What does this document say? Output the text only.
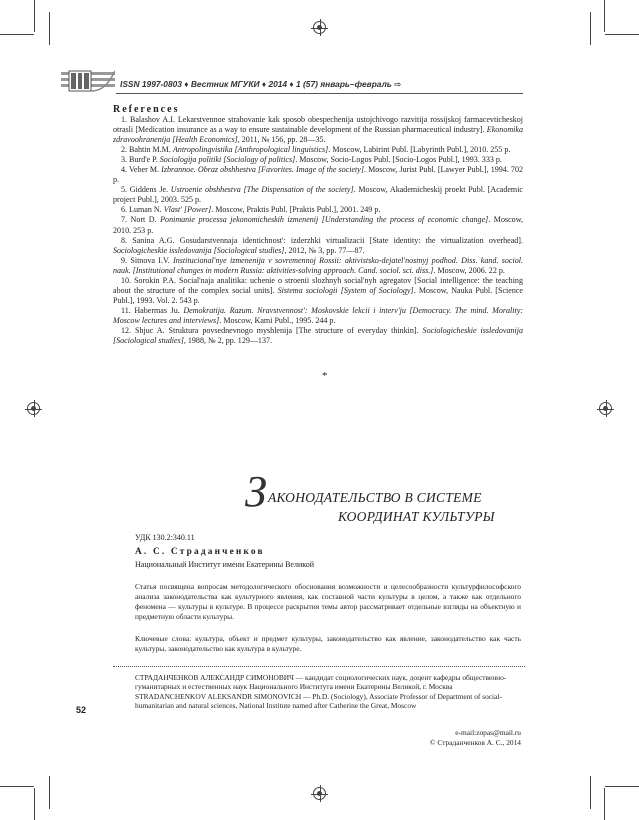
ISSN 1997-0803 ♦ Вестник МГУКИ ♦ 2014 ♦ 1 (57) январь–февраль ⇨
References

1. Balashov A.I. Lekarstvennoe strahovanie kak sposob obespechenija ustojchivogo razvitija rossijskoj farmacevticheskoj otrasli [Medication insurance as a way to ensure sustainable development of the Russian pharmaceutical industry]. Ekonomika zdravoohranenija [Health Economics], 2011, № 156, pp. 28—35.

2. Bahtin M.M. Antropolingvistika [Anthropological linguistics]. Moscow, Labirint Publ. [Labyrinth Publ.], 2010. 255 p.

3. Burd'e P. Sociologija politiki [Sociology of politics]. Moscow, Socio-Logos Publ. [Socio-Logos Publ.], 1993. 333 p.

4. Veber M. Izbrannoe. Obraz obshhestva [Favorites. Image of the society]. Moscow, Jurist Publ. [Lawyer Publ.], 1994. 702 p.

5. Giddens Je. Ustroenie obshhestva [The Dispensation of the society]. Moscow, Akademicheskij proekt Publ. [Academic project Publ.], 2003. 525 p.

6. Luman N. Vlast' [Power]. Moscow, Praktis Publ. [Praktis Publ.], 2001. 249 p.

7. Nort D. Ponimanie processa jekonomicheskih izmenenij [Understanding the process of economic change]. Moscow, 2010. 253 p.

8. Sanina A.G. Gosudarstvennaja identichnost': izderzhki virtualizacii [State identity: the virtualization overhead]. Sociologicheskie issledovanija [Sociological studies], 2012, № 3, pp. 77—87.

9. Sitnova I.V. Institucional'nye izmenenija v sovremennoj Rossii: aktivistsko-dejatel'nostnyj podhod. Diss. kand. sociol. nauk. [Institutional changes in modern Russia: aktivities-solving approach. Cand. sociol. sci. diss.]. Moscow, 2006. 22 p.

10. Sorokin P.A. Social'naja analitika: uchenie o stroenii slozhnyh social'nyh agregatov [Social intelligence: the teaching about the structure of the complex social units]. Sistema sociologii [System of Sociology]. Moscow, Nauka Publ. [Science Publ.], 1993. Vol. 2. 543 p.

11. Habermas Ju. Demokratija. Razum. Nravstvennost': Moskovskie lekcii i interv'ju [Democracy. The mind. Morality: Moscow lectures and interviews]. Moscow, Kami Publ., 1995. 244 p.

12. Shjuc A. Struktura povsednevnogo myshlenija [The structure of everyday thinkin]. Sociologicheskie issledovanija [Sociological studies], 1988, № 2, pp. 129—137.

*
З АКОНОДАТЕЛЬСТВО В СИСТЕМЕ
КООРДИНАТ КУЛЬТУРЫ
УДК 130.2:340.11
А. С. Страданченков
Национальный Институт имени Екатерины Великой
Статья посвящена вопросам методологического обоснования возможности и целесообразности культурфилософского анализа законодательства как культурного явления, как составной части культуры в целом, а также как отдельного феномена — культуры в культуре. В процессе раскрытия темы автор рассматривает отдельные взгляды на объектную и предметную области культуры.
Ключевые слова: культура, объект и предмет культуры, законодательство как явление, законодательство как часть культуры, законодательство как культура в культуре.
52

СТРАДАНЧЕНКОВ АЛЕКСАНДР СИМОНОВИЧ — кандидат социологических наук, доцент кафедры общественно-гуманитарных и естественных наук Национального Института имени Екатерины Великой, г. Москва

STRADANCHENKOV ALEKSANDR SIMONOVICH — Ph.D. (Sociology), Associate Professor of Department of social-humanitarian and natural sciences, National Institute named after Catherine the Great, Moscow

e-mail:zopas@mail.ru
© Страданченков А. С., 2014
